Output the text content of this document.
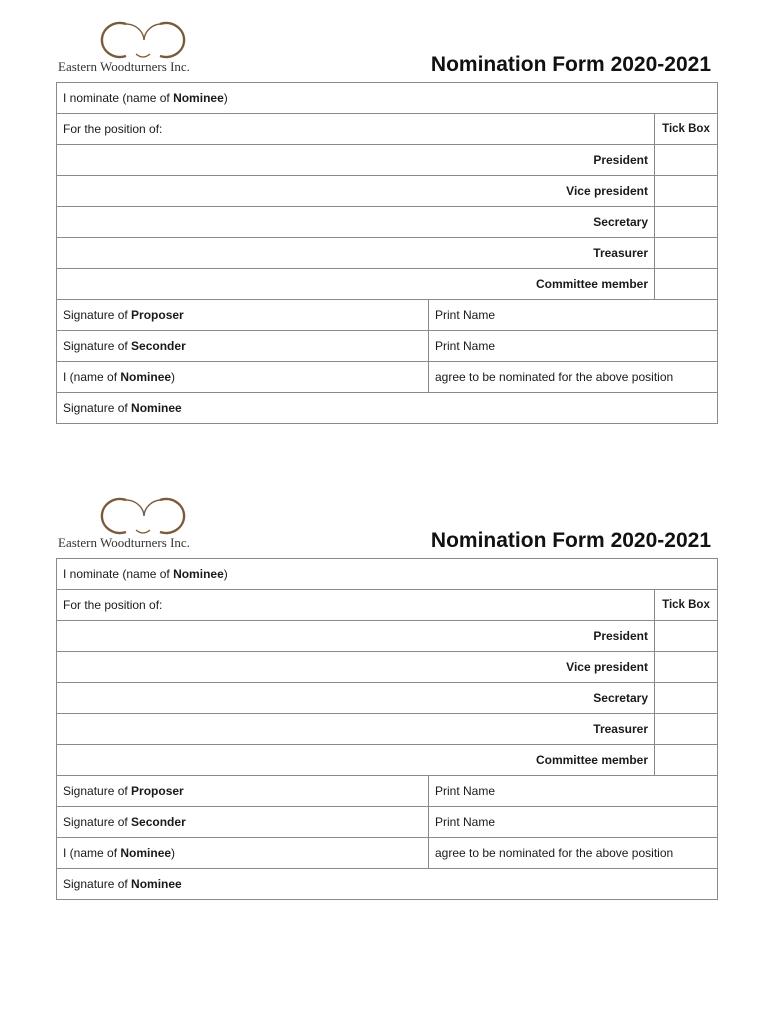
Eastern Woodturners Inc.	Nomination Form 2020-2021
I nominate (name of Nominee)		
For the position of:		Tick Box
President		
Vice president		
Secretary		
Treasurer		
Committee member		
Signature of Proposer	Print Name	
Signature of Seconder	Print Name	
I (name of Nominee)	agree to be nominated for the above position	
Signature of Nominee		
Eastern Woodturners Inc.	Nomination Form 2020-2021
I nominate (name of Nominee)		
For the position of:		Tick Box
President		
Vice president		
Secretary		
Treasurer		
Committee member		
Signature of Proposer	Print Name	
Signature of Seconder	Print Name	
I (name of Nominee)	agree to be nominated for the above position	
Signature of Nominee		
